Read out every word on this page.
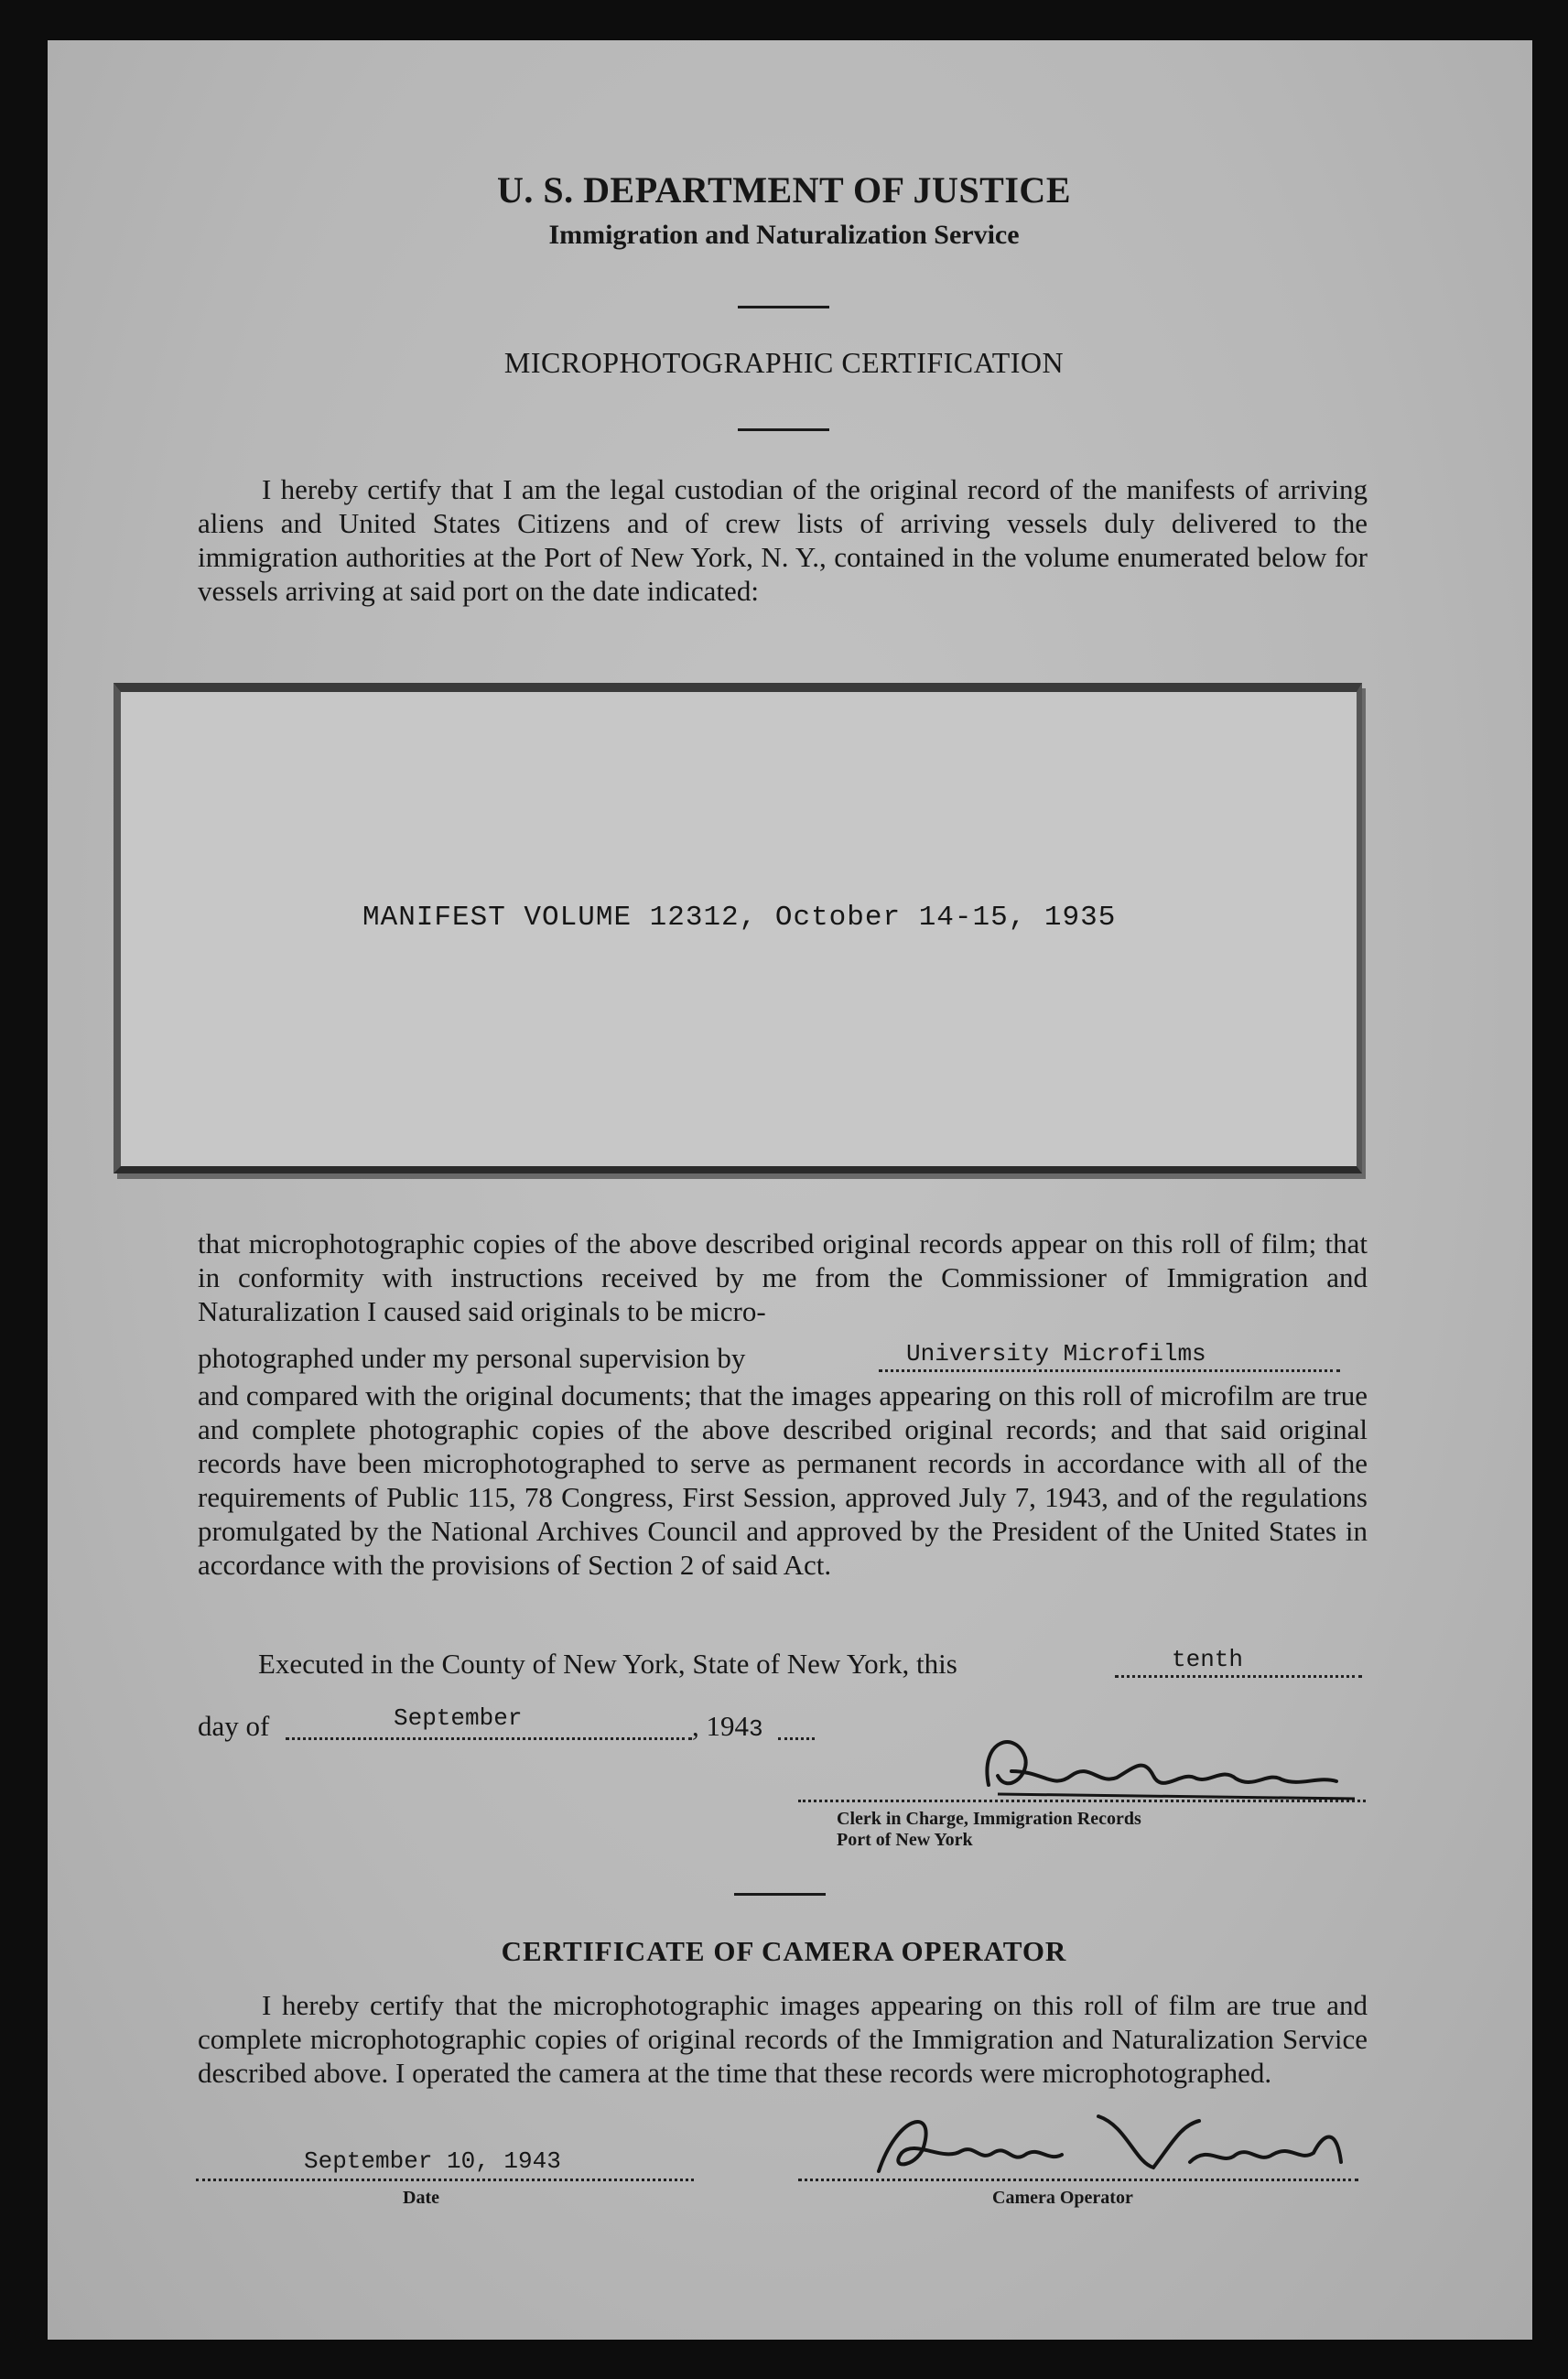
U. S. DEPARTMENT OF JUSTICE
Immigration and Naturalization Service
MICROPHOTOGRAPHIC CERTIFICATION

I hereby certify that I am the legal custodian of the original record of the manifests of arriving aliens and United States Citizens and of crew lists of arriving vessels duly delivered to the immigration authorities at the Port of New York, N. Y., contained in the volume enumerated below for vessels arriving at said port on the date indicated:

MANIFEST VOLUME 12312, October 14-15, 1935

that microphotographic copies of the above described original records appear on this roll of film; that in conformity with instructions received by me from the Commissioner of Immigration and Naturalization I caused said originals to be micro-

photographed under my personal supervision by	University Microfilms

and compared with the original documents; that the images appearing on this roll of microfilm are true and complete photographic copies of the above described original records; and that said original records have been microphotographed to serve as permanent records in accordance with all of the requirements of Public 115, 78 Congress, First Session, approved July 7, 1943, and of the regulations promulgated by the National Archives Council and approved by the President of the United States in accordance with the provisions of Section 2 of said Act.

Executed in the County of New York, State of New York, this	tenth
day of	September	, 1943
Clerk in Charge, Immigration Records
Port of New York
CERTIFICATE OF CAMERA OPERATOR

I hereby certify that the microphotographic images appearing on this roll of film are true and complete microphotographic copies of original records of the Immigration and Naturalization Service described above. I operated the camera at the time that these records were microphotographed.

September 10, 1943
Date	Camera Operator
